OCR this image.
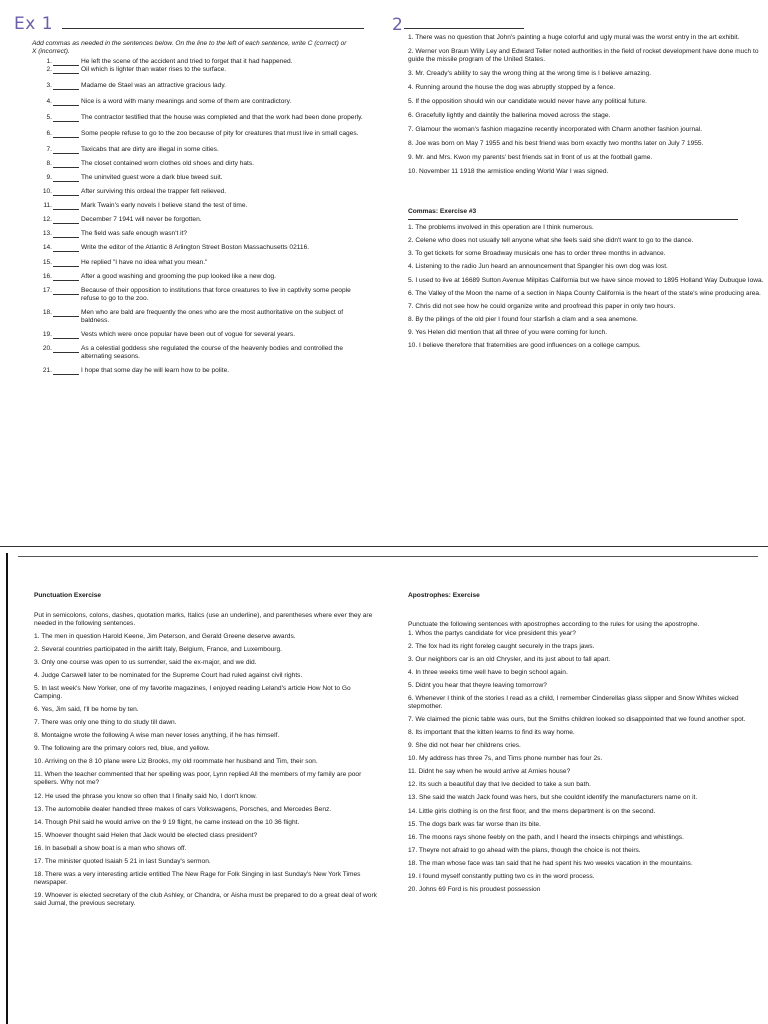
Ex 1
Add commas as needed in the sentences below. On the line to the left of each sentence, write C (correct) or X (incorrect).
1.	He left the scene of the accident and tried to forget that it had happened.
2.	Oil which is lighter than water rises to the surface.
3.	Madame de Stael was an attractive gracious lady.
4.	Nice is a word with many meanings and some of them are contradictory.
5.	The contractor testified that the house was completed and that the work had been done properly.
6.	Some people refuse to go to the zoo because of pity for creatures that must live in small cages.
7.	Taxicabs that are dirty are illegal in some cities.
8.	The closet contained worn clothes old shoes and dirty hats.
9.	The uninvited guest wore a dark blue tweed suit.
10.	After surviving this ordeal the trapper felt relieved.
11.	Mark Twain's early novels I believe stand the test of time.
12.	December 7 1941 will never be forgotten.
13.	The field was safe enough wasn't it?
14.	Write the editor of the Atlantic 8 Arlington Street Boston Massachusetts 02116.
15.	He replied "I have no idea what you mean."
16.	After a good washing and grooming the pup looked like a new dog.
17.	Because of their opposition to institutions that force creatures to live in captivity some people refuse to go to the zoo.
18.	Men who are bald are frequently the ones who are the most authoritative on the subject of baldness.
19.	Vests which were once popular have been out of vogue for several years.
20.	As a celestial goddess she regulated the course of the heavenly bodies and controlled the alternating seasons.
21.	I hope that some day he will learn how to be polite.
2

1. There was no question that John's painting a huge colorful and ugly mural was the worst entry in the art exhibit.

2. Werner von Braun Willy Ley and Edward Teller noted authorities in the field of rocket development have done much to guide the missile program of the United States.

3. Mr. Cready's ability to say the wrong thing at the wrong time is I believe amazing.

4. Running around the house the dog was abruptly stopped by a fence.

5. If the opposition should win our candidate would never have any political future.

6. Gracefully lightly and daintily the ballerina moved across the stage.

7. Glamour the woman's fashion magazine recently incorporated with Charm another fashion journal.

8. Joe was born on May 7 1955 and his best friend was born exactly two months later on July 7 1955.

9. Mr. and Mrs. Kwon my parents' best friends sat in front of us at the football game.

10. November 11 1918 the armistice ending World War I was signed.

Commas: Exercise #3

1. The problems involved in this operation are I think numerous.

2. Celene who does not usually tell anyone what she feels said she didn't want to go to the dance.

3. To get tickets for some Broadway musicals one has to order three months in advance.

4. Listening to the radio Jun heard an announcement that Spangler his own dog was lost.

5. I used to live at 16689 Sutton Avenue Milpitas California but we have since moved to 1895 Holland Way Dubuque Iowa.

6. The Valley of the Moon the name of a section in Napa County California is the heart of the state's wine producing area.

7. Chris did not see how he could organize write and proofread this paper in only two hours.

8. By the pilings of the old pier I found four starfish a clam and a sea anemone.

9. Yes Helen did mention that all three of you were coming for lunch.

10. I believe therefore that fraternities are good influences on a college campus.

Punctuation Exercise

Put in semicolons, colons, dashes, quotation marks, Italics (use an underline), and parentheses where ever they are needed in the following sentences.

1. The men in question Harold Keene, Jim Peterson, and Gerald Greene deserve awards.

2. Several countries participated in the airlift Italy, Belgium, France, and Luxembourg.

3. Only one course was open to us surrender, said the ex-major, and we did.

4. Judge Carswell later to be nominated for the Supreme Court had ruled against civil rights.

5. In last week's New Yorker, one of my favorite magazines, I enjoyed reading Leland's article How Not to Go Camping.

6. Yes, Jim said, I'll be home by ten.

7. There was only one thing to do study till dawn.

8. Montaigne wrote the following A wise man never loses anything, if he has himself.

9. The following are the primary colors red, blue, and yellow.

10. Arriving on the 8 10 plane were Liz Brooks, my old roommate her husband and Tim, their son.

11. When the teacher commented that her spelling was poor, Lynn replied All the members of my family are poor spellers. Why not me?

12. He used the phrase you know so often that I finally said No, I don't know.

13. The automobile dealer handled three makes of cars Volkswagens, Porsches, and Mercedes Benz.

14. Though Phil said he would arrive on the 9 19 flight, he came instead on the 10 36 flight.

15. Whoever thought said Helen that Jack would be elected class president?

16. In baseball a show boat is a man who shows off.

17. The minister quoted Isaiah 5 21 in last Sunday's sermon.

18. There was a very interesting article entitled The New Rage for Folk Singing in last Sunday's New York Times newspaper.

19. Whoever is elected secretary of the club Ashley, or Chandra, or Aisha must be prepared to do a great deal of work said Jumal, the previous secretary.

Apostrophes: Exercise

Punctuate the following sentences with apostrophes according to the rules for using the apostrophe.

1. Whos the partys candidate for vice president this year?

2. The fox had its right foreleg caught securely in the traps jaws.

3. Our neighbors car is an old Chrysler, and its just about to fall apart.

4. In three weeks time well have to begin school again.

5. Didnt you hear that theyre leaving tomorrow?

6. Whenever I think of the stories I read as a child, I remember Cinderellas glass slipper and Snow Whites wicked stepmother.

7. We claimed the picnic table was ours, but the Smiths children looked so disappointed that we found another spot.

8. Its important that the kitten learns to find its way home.

9. She did not hear her childrens cries.

10. My address has three 7s, and Tims phone number has four 2s.

11. Didnt he say when he would arrive at Arnies house?

12. Its such a beautiful day that Ive decided to take a sun bath.

13. She said the watch Jack found was hers, but she couldnt identify the manufacturers name on it.

14. Little girls clothing is on the first floor, and the mens department is on the second.

15. The dogs bark was far worse than its bite.

16. The moons rays shone feebly on the path, and I heard the insects chirpings and whistlings.

17. Theyre not afraid to go ahead with the plans, though the choice is not theirs.

18. The man whose face was tan said that he had spent his two weeks vacation in the mountains.

19. I found myself constantly putting two cs in the word process.

20. Johns 69 Ford is his proudest possession
